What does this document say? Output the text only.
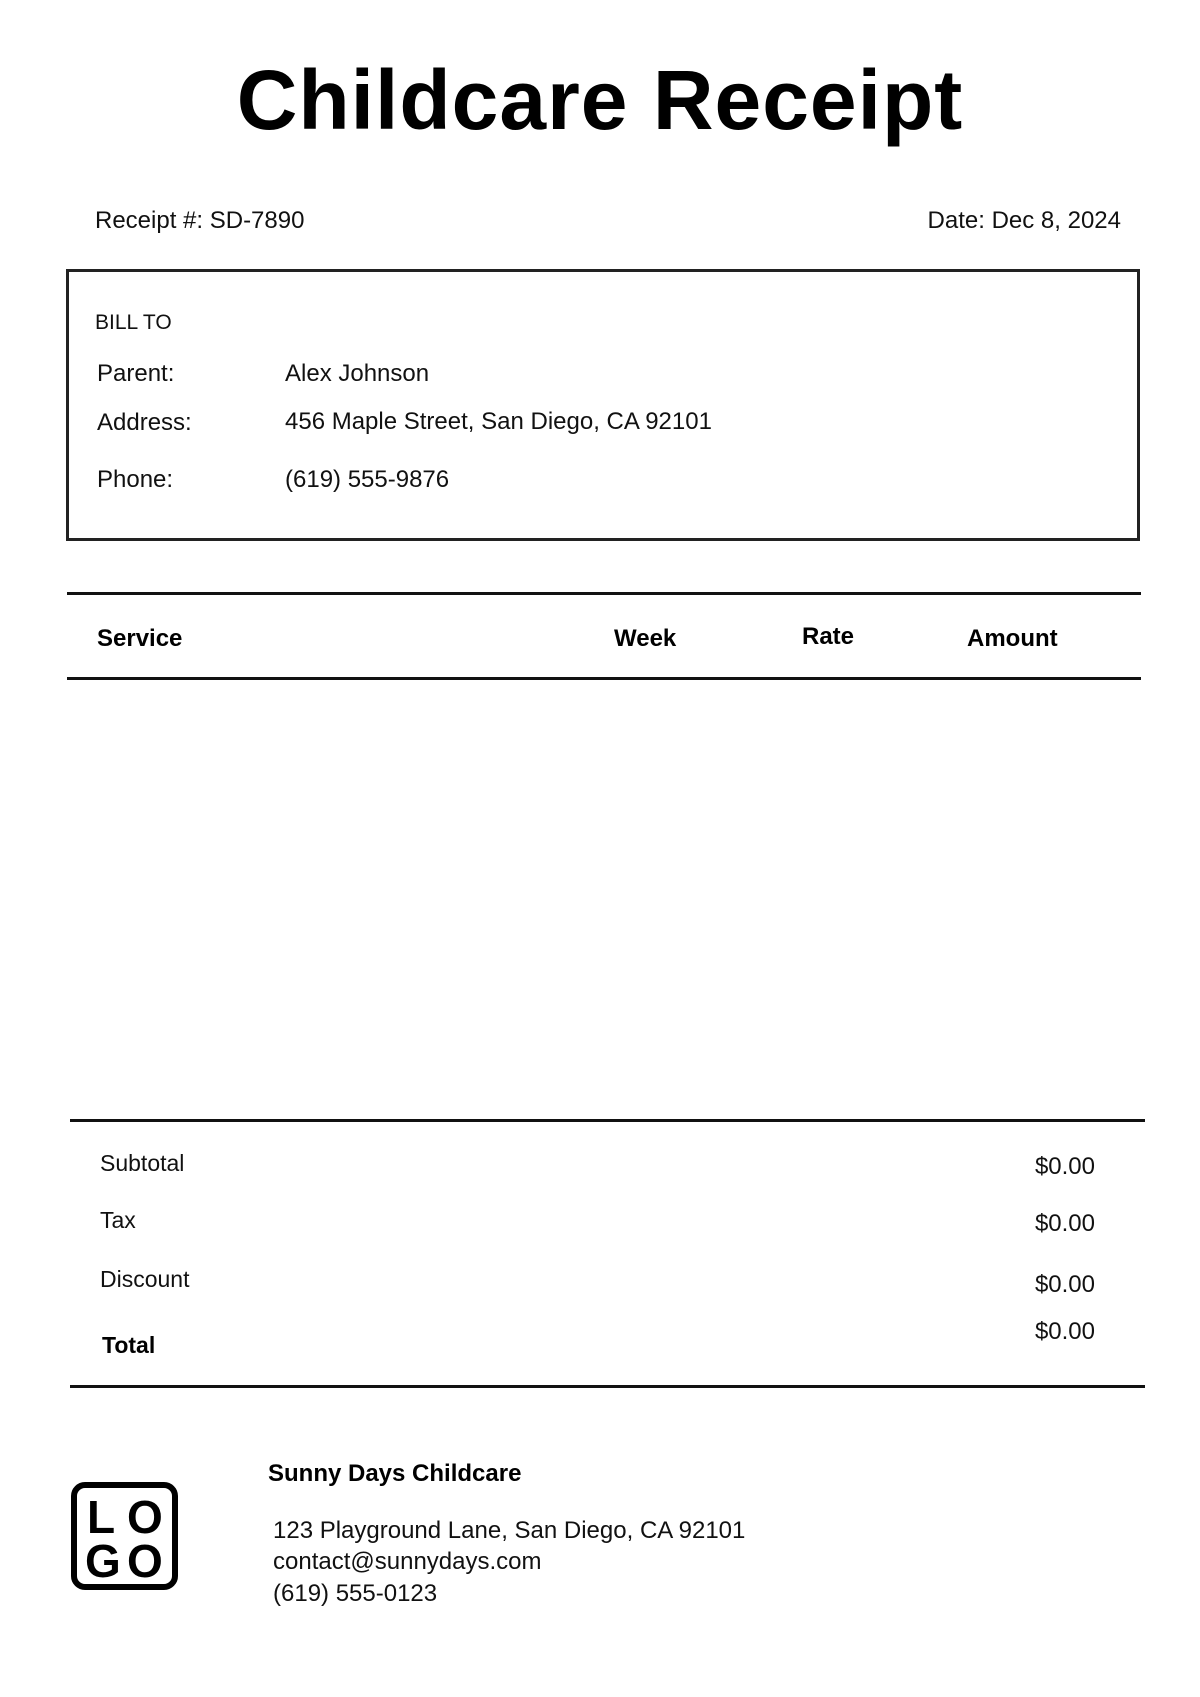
Childcare Receipt
Receipt #: SD-7890	Date: Dec 8, 2024
BILL TO
Parent:	Alex Johnson
Address:	456 Maple Street, San Diego, CA 92101
Phone:	(619) 555-9876
Service	Week	Rate	Amount
Subtotal	$0.00
Tax	$0.00
Discount	$0.00
Total	$0.00
L O
G O
Sunny Days Childcare
123 Playground Lane, San Diego, CA 92101
contact@sunnydays.com
(619) 555-0123
